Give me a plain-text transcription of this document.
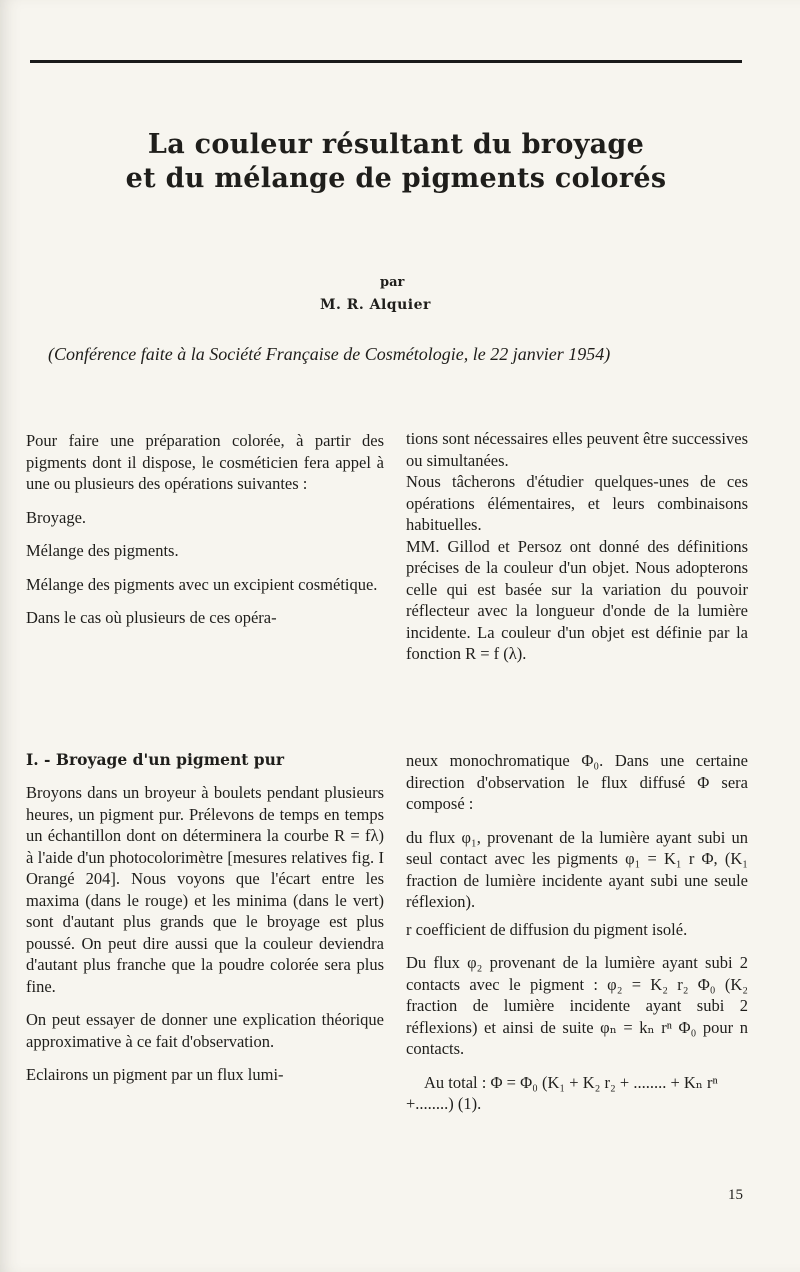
La couleur résultant du broyage
et du mélange de pigments colorés
par
M. R. Alquier
(Conférence faite à la Société Française de Cosmétologie, le 22 janvier 1954)

Pour faire une préparation colorée, à partir des pigments dont il dispose, le cosméticien fera appel à une ou plusieurs des opérations suivantes :

Broyage.

Mélange des pigments.

Mélange des pigments avec un excipient cosmétique.

Dans le cas où plusieurs de ces opéra-

tions sont nécessaires elles peuvent être successives ou simultanées.

Nous tâcherons d'étudier quelques-unes de ces opérations élémentaires, et leurs combinaisons habituelles.

MM. Gillod et Persoz ont donné des définitions précises de la couleur d'un objet. Nous adopterons celle qui est basée sur la variation du pouvoir réflecteur avec la longueur d'onde de la lumière incidente. La couleur d'un objet est définie par la fonction R = f (λ).

I. - Broyage d'un pigment pur

Broyons dans un broyeur à boulets pendant plusieurs heures, un pigment pur. Prélevons de temps en temps un échantillon dont on déterminera la courbe R = fλ) à l'aide d'un photocolorimètre [mesures relatives fig. I Orangé 204]. Nous voyons que l'écart entre les maxima (dans le rouge) et les minima (dans le vert) sont d'autant plus grands que le broyage est plus poussé. On peut dire aussi que la couleur deviendra d'autant plus franche que la poudre colorée sera plus fine.

On peut essayer de donner une explication théorique approximative à ce fait d'observation.

Eclairons un pigment par un flux lumi-

neux monochromatique Φ₀. Dans une certaine direction d'observation le flux diffusé Φ sera composé :

du flux φ₁, provenant de la lumière ayant subi un seul contact avec les pigments φ₁ = K₁ r Φ, (K₁ fraction de lumière incidente ayant subi une seule réflexion).

r coefficient de diffusion du pigment isolé.

Du flux φ₂ provenant de la lumière ayant subi 2 contacts avec le pigment : φ₂ = K₂ r₂ Φ₀ (K₂ fraction de lumière incidente ayant subi 2 réflexions) et ainsi de suite φₙ = kₙ rⁿ Φ₀ pour n contacts.

Au total : Φ = Φ₀ (K₁ + K₂ r₂ + ........ + Kₙ rⁿ +........) (1).

15
